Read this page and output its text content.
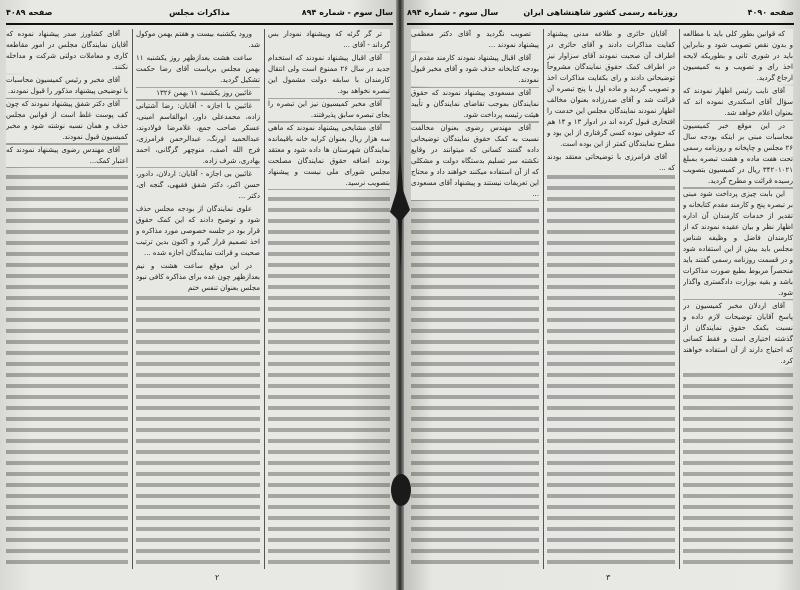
سال سوم - شماره ۸۹۴
مذاکرات مجلس
صفحه ۴۰۸۹

آقای کشاورز صدر پیشنهاد نموده که آقایان نمایندگان مجلس در امور مقاطعه کاری و معاملات دولتی شرکت و مداخله نکنند.

آقای مخبر و رئیس کمیسیون محاسبات با توضیحی پیشنهاد مذکور را قبول نمودند.

آقای دکتر شفق پیشنهاد نمودند که چون کف پوست غلط است از قوانین مجلس حذف و همان نسبه نوشته شود و مخبر کمیسیون قبول نمودند.

آقای مهندس رضوی پیشنهاد نمودند که اعتبار کمک...

ورود یکشنبه بیست و هفتم بهمن موکول شد.

ساعت هشت بعدازظهر روز یکشنبه ۱۱ بهمن مجلس بریاست آقای رضا حکمت تشکیل گردید.

غائبین روز یکشنبه ۱۱ بهمن ۱۳۲۶

غائبین با اجازه - آقایان: رضا آشتیانی زاده، محمدعلی داور، ابوالقاسم امینی، عسکر صاحب جمع، غلامرضا فولادوند، عبدالحمید اورنگ، عبدالرحمن فرامرزی، فرج الله آصف، منوچهر گرگانی، احمد بهادری، شرف زاده.

غائبین بی اجازه - آقایان: اردلان، دادور، حسن اکبر، دکتر شفق فقیهی، گنجه ای، دکتر ...

علوی نمایندگان از بودجه مجلس حذف شود و توضیح دادند که این کمک حقوق قرار بود در جلسه خصوصی مورد مذاکره و اخذ تصمیم قرار گیرد و اکنون بدین ترتیب صحبت و قرائت نمایندگان اجازه شده ...

در این موقع ساعت هشت و نیم بعدازظهر چون عده برای مذاکره کافی نبود مجلس بعنوان تنفس ختم

تر گر گرئه که وپیشنهاد نمودار بس گرداند - آقای ...

آقای اقبال پیشنهاد نمودند که استخدام جدید در سال ۲۶ ممنوع است ولی انتقال کارمندان با سابقه دولت مشمول این تبصره نخواهد بود.

آقای مخبر کمیسیون نیز این تبصره را بجای تبصره سابق پذیرفتند.

آقای مشایخی پیشنهاد نمودند که ماهی سه هزار ریال بعنوان کرایه خانه باقیمانده نمایندگان شهرستان ها داده شود و معتقد بودند اضافه حقوق نمایندگان مصلحت مجلس شورای ملی نیست و پیشنهاد بتصویب نرسید.

۲
صفحه ۴۰۹۰
روزنامه رسمی کشور شاهنشاهی ایران
سال سوم - شماره ۸۹۴

تصویب نگردید و آقای دکتر معظمی پیشنهاد نمودند ...

آقای اقبال پیشنهاد نمودند کارمند مقدم از بودجه کتابخانه حذف شود و آقای مخبر قبول نمودند.

آقای مسعودی پیشنهاد نمودند که حقوق نمایندگان بموجب تقاضای نمایندگان و تأیید هیئت رئیسه پرداخت شود.

آقای مهندس رضوی بعنوان مخالفت نسبت به کمک حقوق نمایندگان توضیحاتی داده گفتند کسانی که میتوانند در وقایع نکشته سر تسلیم بدستگاه دولت و مشکلی که از آن استفاده میکنند خواهند داد و محتاج این تعریفات نیستند و پیشنهاد آقای مسعودی ...

آقایان حائری و طلاعه مدنی پیشنهاد کفایت مذاکرات دادند و آقای حائری در اطراف آن صحبت نمودند آقای سزاوار نیز در اطراف کمک حقوق نمایندگان مشروحاً توضیحاتی دادند و رای بکفایت مذاکرات اخذ و تصویب گردید و ماده اول با پنج تبصره آن قرائت شد و آقای صدرزاده بعنوان مخالف اظهار نمودند نمایندگان مجلس این خدمت را افتخاری قبول کرده اند در ادوار ۱۳ و ۱۴ هم که حقوقی نبوده کسی گرفتاری از این بود و مطرح نمایندگان کمتر از این بوده است.

آقای فرامرزی با توضیحاتی معتقد بودند که ...

که قوانین بطور کلی باید با مطالعه و بدون نقص تصویب شود و بنابراین باید در شوری ثانی و بطوریکه لایحه اخذ رای و تصویب و به کمیسیون ارجاع گردید.

آقای نایب رئیس اظهار نمودند که سؤال آقای اسکندری نموده اند که بعنوان اعلام خواهد شد.

در این موقع خبر کمیسیون محاسبات مبنی بر اینکه بودجه سال ۲۶ مجلس و چاپخانه و روزنامه رسمی تحت هفت ماده و هشت تبصره بمبلغ ۳۴۲۰۱۰۲۱ ریال در کمیسیون بتصویب رسیده قرائت و مطرح گردید.

این بابت چیزی پرداخت شود مبنی بر تبصره پنج و کارمند مقدم کتابخانه و تقدیر از خدمات کارمندان آن اداره اظهار نظر و بیان عقیده نمودند که از کارمندان فاضل و وظیفه شناس مجلس باید بیش از این استفاده شود و در قسمت روزنامه رسمی گفتند باید منحصراً مربوط بطبع صورت مذاکرات باشد و بقیه بوزارت دادگستری واگذار شود.

آقای اردلان مخبر کمیسیون در پاسخ آقایان توضیحات لازم داده و نسبت بکمک حقوق نمایندگان از گذشته اختیاری است و فقط کسانی که احتیاج دارند از آن استفاده خواهند کرد.

۳
